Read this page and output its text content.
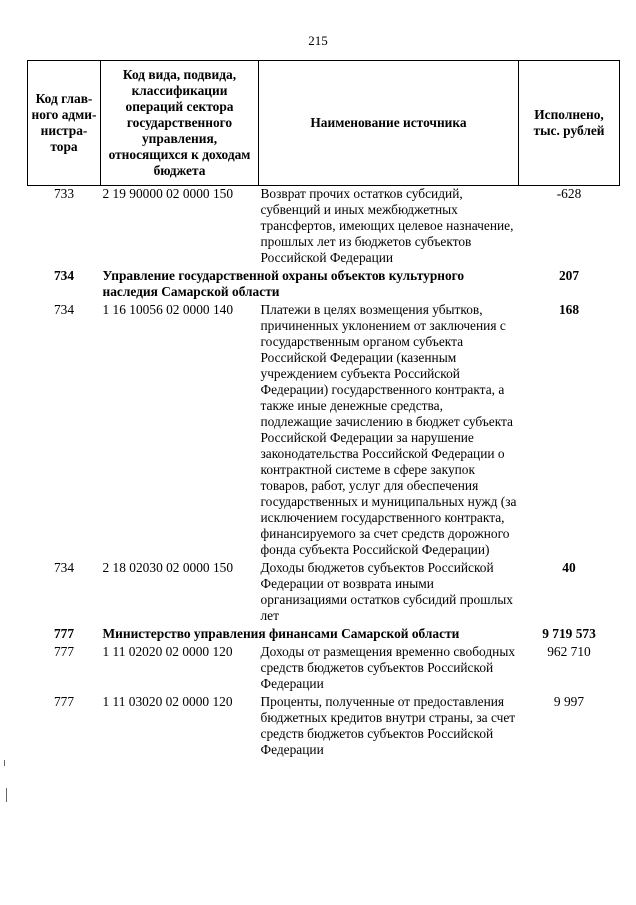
215
Код глав-ного адми-нистра-тора	Код вида, подвида, классификации операций сектора государственного управления, относящихся к доходам бюджета	Наименование источника	Исполнено, тыс. рублей
733	2 19 90000 02 0000 150	Возврат прочих остатков субсидий, субвенций и иных межбюджетных трансфертов, имеющих целевое назначение, прошлых лет из бюджетов субъектов Российской Федерации	-628
734	Управление государственной охраны объектов культурного наследия Самарской области		207
734	1 16 10056 02 0000 140	Платежи в целях возмещения убытков, причиненных уклонением от заключения с государственным органом субъекта Российской Федерации (казенным учреждением субъекта Российской Федерации) государственного контракта, а также иные денежные средства, подлежащие зачислению в бюджет субъекта Российской Федерации за нарушение законодательства Российской Федерации о контрактной системе в сфере закупок товаров, работ, услуг для обеспечения государственных и муниципальных нужд (за исключением государственного контракта, финансируемого за счет средств дорожного фонда субъекта Российской Федерации)	168
734	2 18 02030 02 0000 150	Доходы бюджетов субъектов Российской Федерации от возврата иными организациями остатков субсидий прошлых лет	40
777	Министерство управления финансами Самарской области		9 719 573
777	1 11 02020 02 0000 120	Доходы от размещения временно свободных средств бюджетов субъектов Российской Федерации	962 710
777	1 11 03020 02 0000 120	Проценты, полученные от предоставления бюджетных кредитов внутри страны, за счет средств бюджетов субъектов Российской Федерации	9 997
